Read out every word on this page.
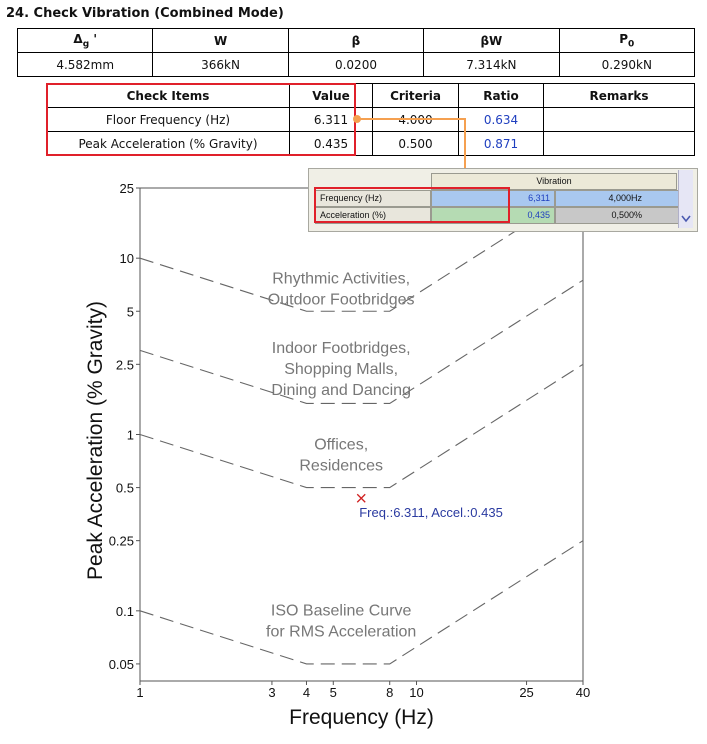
24. Check Vibration (Combined Mode)
$\Delta_g$ '	W	β	βW	$P_0$
4.582mm	366kN	0.0200	7.314kN	0.290kN
Check Items	Value	Criteria	Ratio	Remarks
Floor Frequency (Hz)	6.311	4.000	0.634	
Peak Acceleration (% Gravity)	0.435	0.500	0.871	
1	3 4 5	8 10	25	40
25
10
5
2.5
1
0.5
0.25
0.1
0.05
Frequency (Hz)
Peak Acceleration (% Gravity)
Rhythmic Activities,
Outdoor Footbridges
Indoor Footbridges,
Shopping Malls,
Dining and Dancing
Offices,
Residences
ISO Baseline Curve
for RMS Acceleration
Freq.:6.311, Accel.:0.435
Vibration
Frequency (Hz)	6,311	4,000Hz
Acceleration (%)	0,435	0,500%
